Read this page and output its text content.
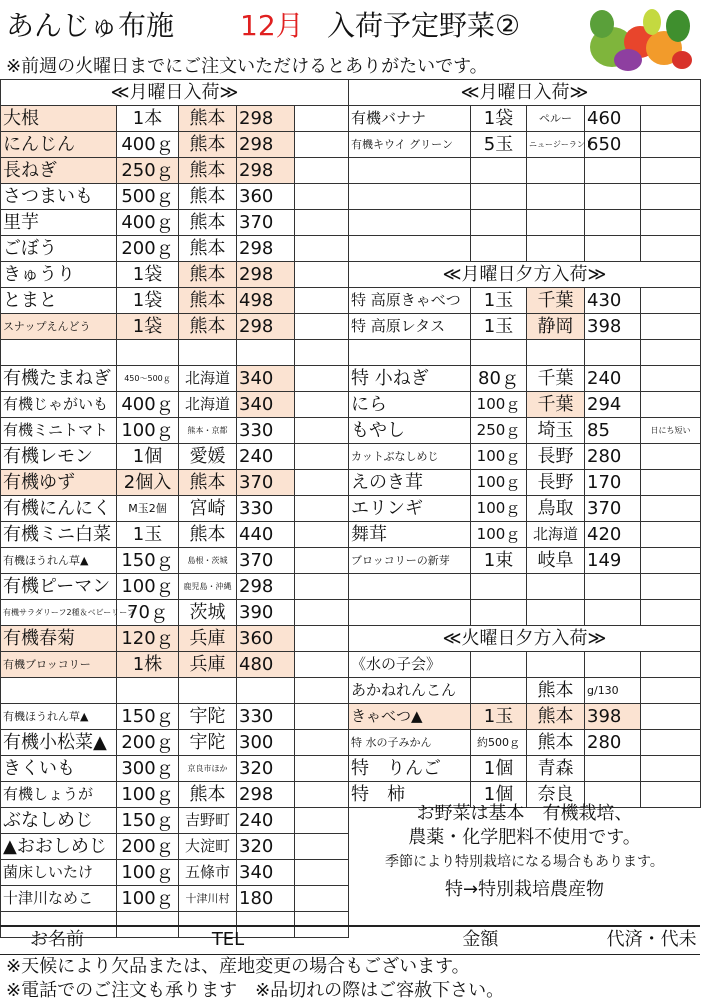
あんじゅ布施 12月 入荷予定野菜②
※前週の火曜日までにご注文いただけるとありがたいです。
≪月曜日入荷≫				
大根	1本	熊本	298	
にんじん	400ｇ	熊本	298	
長ねぎ	250ｇ	熊本	298	
さつまいも	500ｇ	熊本	360	
里芋	400ｇ	熊本	370	
ごぼう	200ｇ	熊本	298	
きゅうり	1袋	熊本	298	
とまと	1袋	熊本	498	
スナップえんどう	1袋	熊本	298	

有機たまねぎ	450～500ｇ	北海道	340	
有機じゃがいも	400ｇ	北海道	340	
有機ミニトマト	100ｇ	熊本・京都	330	
有機レモン	1個	愛媛	240	
有機ゆず	2個入	熊本	370	
有機にんにく	M玉2個	宮崎	330	
有機ミニ白菜	1玉	熊本	440	
有機ほうれん草▲	150ｇ	島根・茨城	370	
有機ピーマン	100ｇ	鹿児島・沖縄	298	
有機サラダリーフ2種＆ベビーリーフ	70ｇ	茨城	390	
有機春菊	120ｇ	兵庫	360	
有機ブロッコリー	1株	兵庫	480	

有機ほうれん草▲	150ｇ	宇陀	330	
有機小松菜▲	200ｇ	宇陀	300	
きくいも	300ｇ	京良市ほか	320	
有機しょうが	100ｇ	熊本	298	
ぶなしめじ	150ｇ	吉野町	240	
▲おおしめじ	200ｇ	大淀町	320	
菌床しいたけ	100ｇ	五條市	340	
十津川なめこ	100ｇ	十津川村	180	

≪月曜日入荷≫				
有機バナナ	1袋	ペルー	460	
有機キウイ グリーン	5玉	ニュージーランド	650	

≪月曜日夕方入荷≫				
特 高原きゃべつ	1玉	千葉	430	
特 高原レタス	1玉	静岡	398	

特 小ねぎ	80ｇ	千葉	240	
にら	100ｇ	千葉	294	
もやし	250ｇ	埼玉	85	日にち短い
カットぶなしめじ	100ｇ	長野	280	
えのき茸	100ｇ	長野	170	
エリンギ	100ｇ	鳥取	370	
舞茸	100ｇ	北海道	420	
ブロッコリーの新芽	1束	岐阜	149	

≪火曜日夕方入荷≫				
《水の子会》				
あかねれんこん		熊本	g/130	
きゃべつ▲	1玉	熊本	398	
特 水の子みかん	約500ｇ	熊本	280	
特　りんご	1個	青森		
特　柿	1個	奈良		
お野菜は基本　有機栽培、
農薬・化学肥料不使用です。
季節により特別栽培になる場合もあります。
特→特別栽培農産物
お名前	TEL	金額	代済・代未
※天候により欠品または、産地変更の場合もございます。
※電話でのご注文も承ります　※品切れの際はご容赦下さい。
